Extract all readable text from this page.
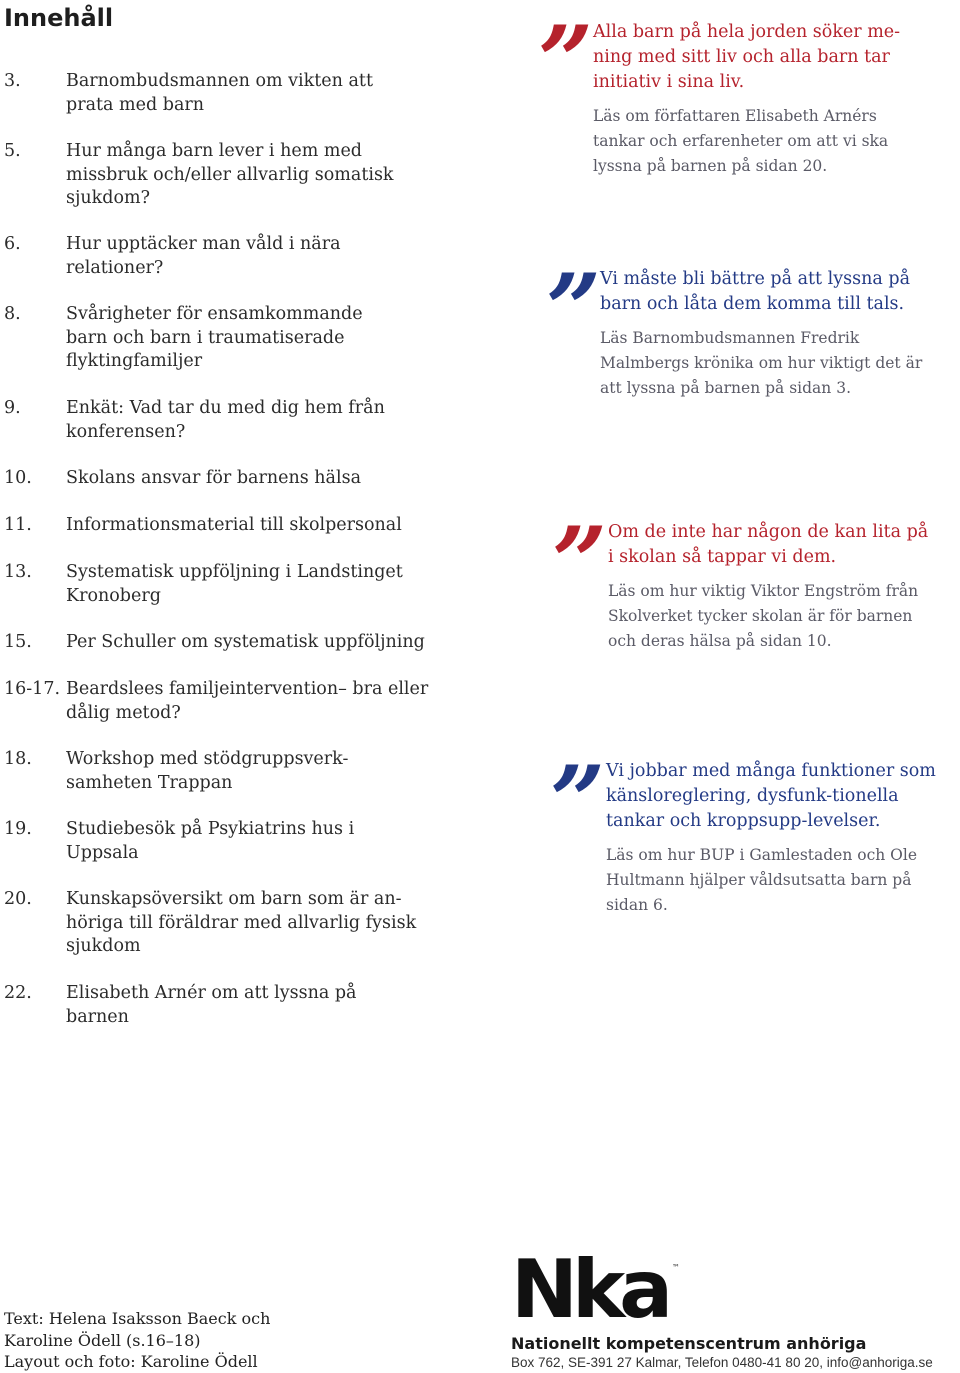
Innehåll
3.	Barnombudsmannen om vikten att prata med barn
5.	Hur många barn lever i hem med missbruk och/eller allvarlig somatisk sjukdom?
6.	Hur upptäcker man våld i nära relationer?
8.	Svårigheter för ensamkommande barn och barn i traumatiserade flyktingfamiljer
9.	Enkät: Vad tar du med dig hem från konferensen?
10. Skolans ansvar för barnens hälsa
11. Informationsmaterial till skolpersonal
13. Systematisk uppföljning i Landstinget Kronoberg
15. Per Schuller om systematisk uppföljning
16-17. Beardslees familjeintervention– bra eller dålig metod?
18. Workshop med stödgruppsverk-samheten Trappan
19. Studiebesök på Psykiatrins hus i Uppsala
20. Kunskapsöversikt om barn som är an-höriga till föräldrar med allvarlig fysisk sjukdom
22. Elisabeth Arnér om att lyssna på barnen
” Alla barn på hela jorden söker me-ning med sitt liv och alla barn tar initiativ i sina liv.
Läs om författaren Elisabeth Arnérs tankar och erfarenheter om att vi ska lyssna på barnen på sidan 20.
” Vi måste bli bättre på att lyssna på barn och låta dem komma till tals.
Läs Barnombudsmannen Fredrik Malmbergs krönika om hur viktigt det är att lyssna på barnen på sidan 3.
” Om de inte har någon de kan lita på i skolan så tappar vi dem.
Läs om hur viktig Viktor Engström från Skolverket tycker skolan är för barnen och deras hälsa på sidan 10.
” Vi jobbar med många funktioner som känsloreglering, dysfunk-tionella tankar och kroppsupp-levelser.
Läs om hur BUP i Gamlestaden och Ole Hultmann hjälper våldsutsatta barn på sidan 6.
Text: Helena Isaksson Baeck och
Karoline Ödell (s.16–18)
Layout och foto: Karoline Ödell
Nka ™
Nationellt kompetenscentrum anhöriga
Box 762, SE-391 27 Kalmar, Telefon 0480-41 80 20, info@anhoriga.se
